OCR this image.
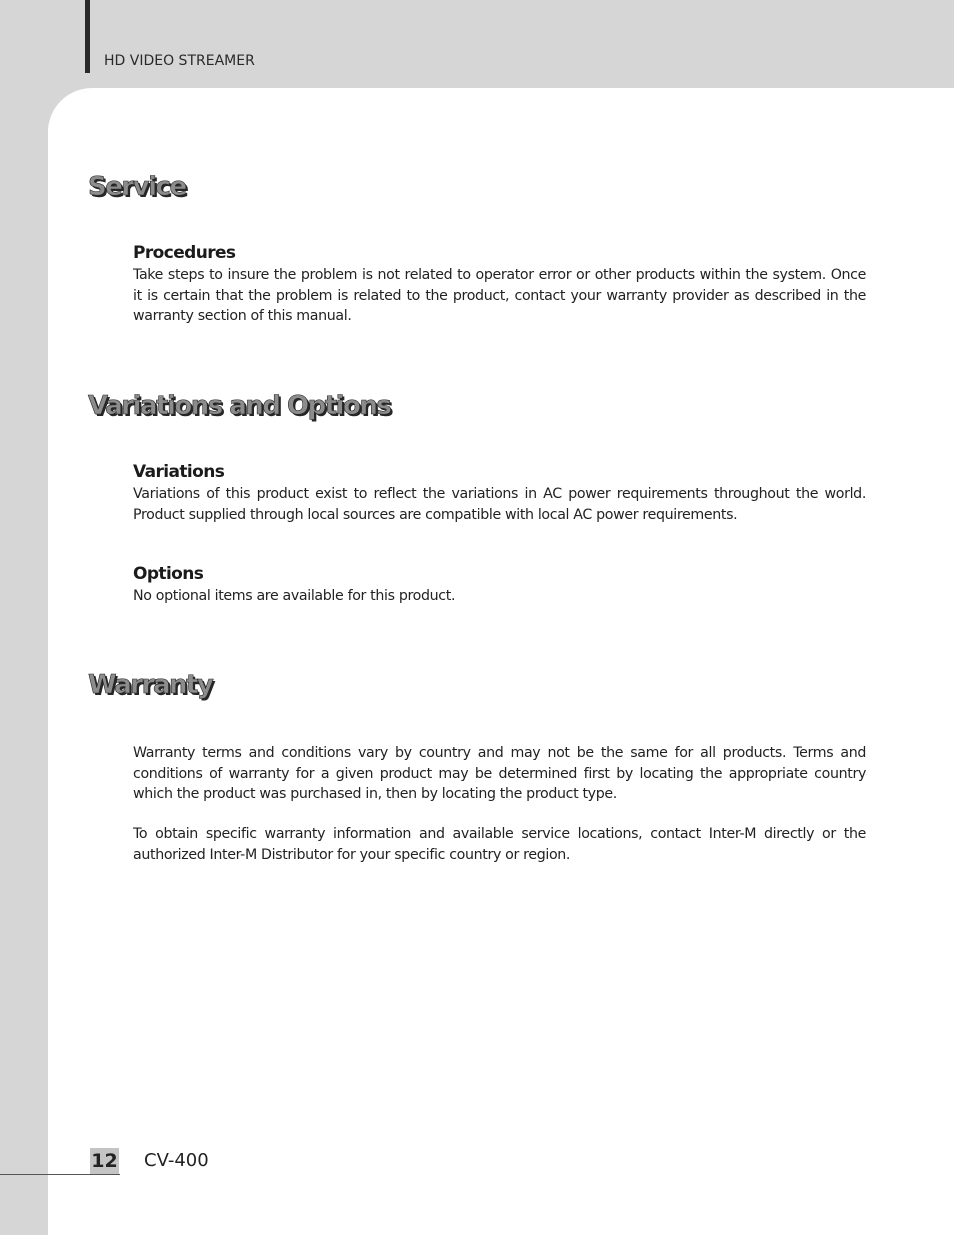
HD VIDEO STREAMER
Service
Procedures

Take steps to insure the problem is not related to operator error or other products within the system. Once it is certain that the problem is related to the product, contact your warranty provider as described in the warranty section of this manual.

Variations and Options
Variations

Variations of this product exist to reflect the variations in AC power requirements throughout the world. Product supplied through local sources are compatible with local AC power requirements.

Options

No optional items are available for this product.

Warranty

Warranty terms and conditions vary by country and may not be the same for all products. Terms and conditions of warranty for a given product may be determined first by locating the appropriate country which the product was purchased in, then by locating the product type.

To obtain specific warranty information and available service locations, contact Inter-M directly or the authorized Inter-M Distributor for your specific country or region.

12 CV-400
